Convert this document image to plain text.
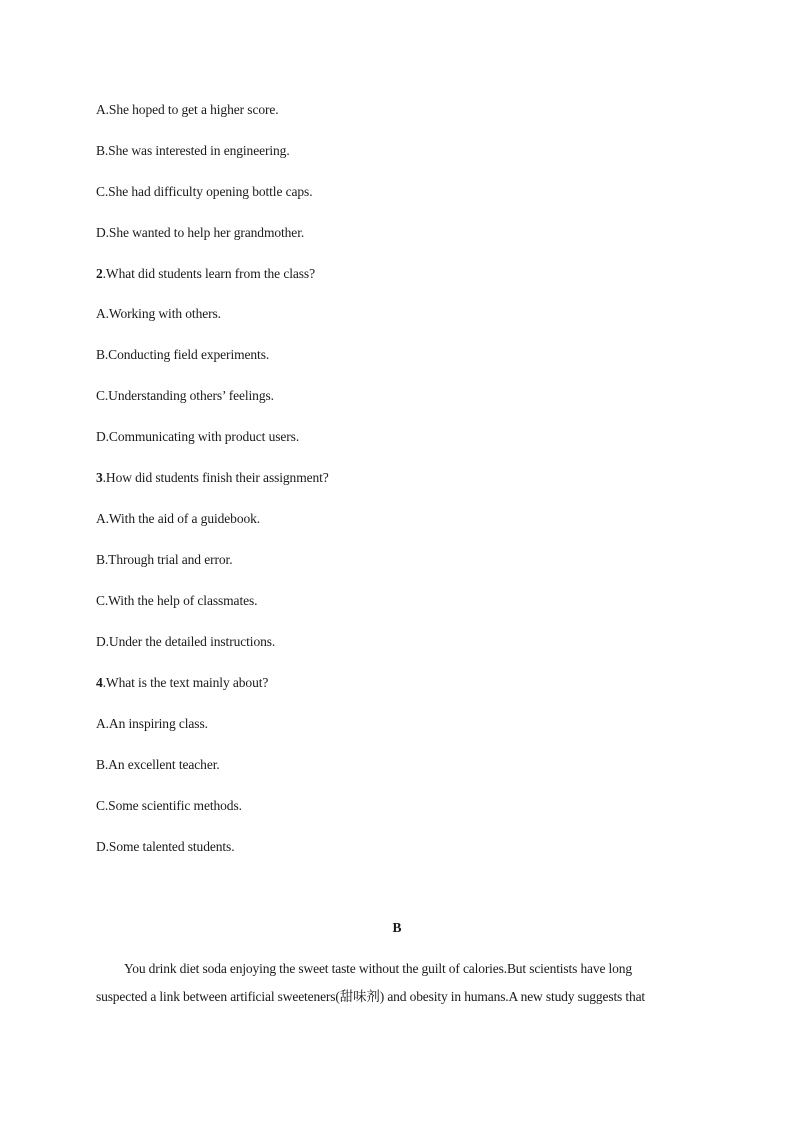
A.She hoped to get a higher score.
B.She was interested in engineering.
C.She had difficulty opening bottle caps.
D.She wanted to help her grandmother.
2.What did students learn from the class?
A.Working with others.
B.Conducting field experiments.
C.Understanding others’ feelings.
D.Communicating with product users.
3.How did students finish their assignment?
A.With the aid of a guidebook.
B.Through trial and error.
C.With the help of classmates.
D.Under the detailed instructions.
4.What is the text mainly about?
A.An inspiring class.
B.An excellent teacher.
C.Some scientific methods.
D.Some talented students.
B
You drink diet soda enjoying the sweet taste without the guilt of calories.But scientists have long
suspected a link between artificial sweeteners(甜味剂) and obesity in humans.A new study suggests that
